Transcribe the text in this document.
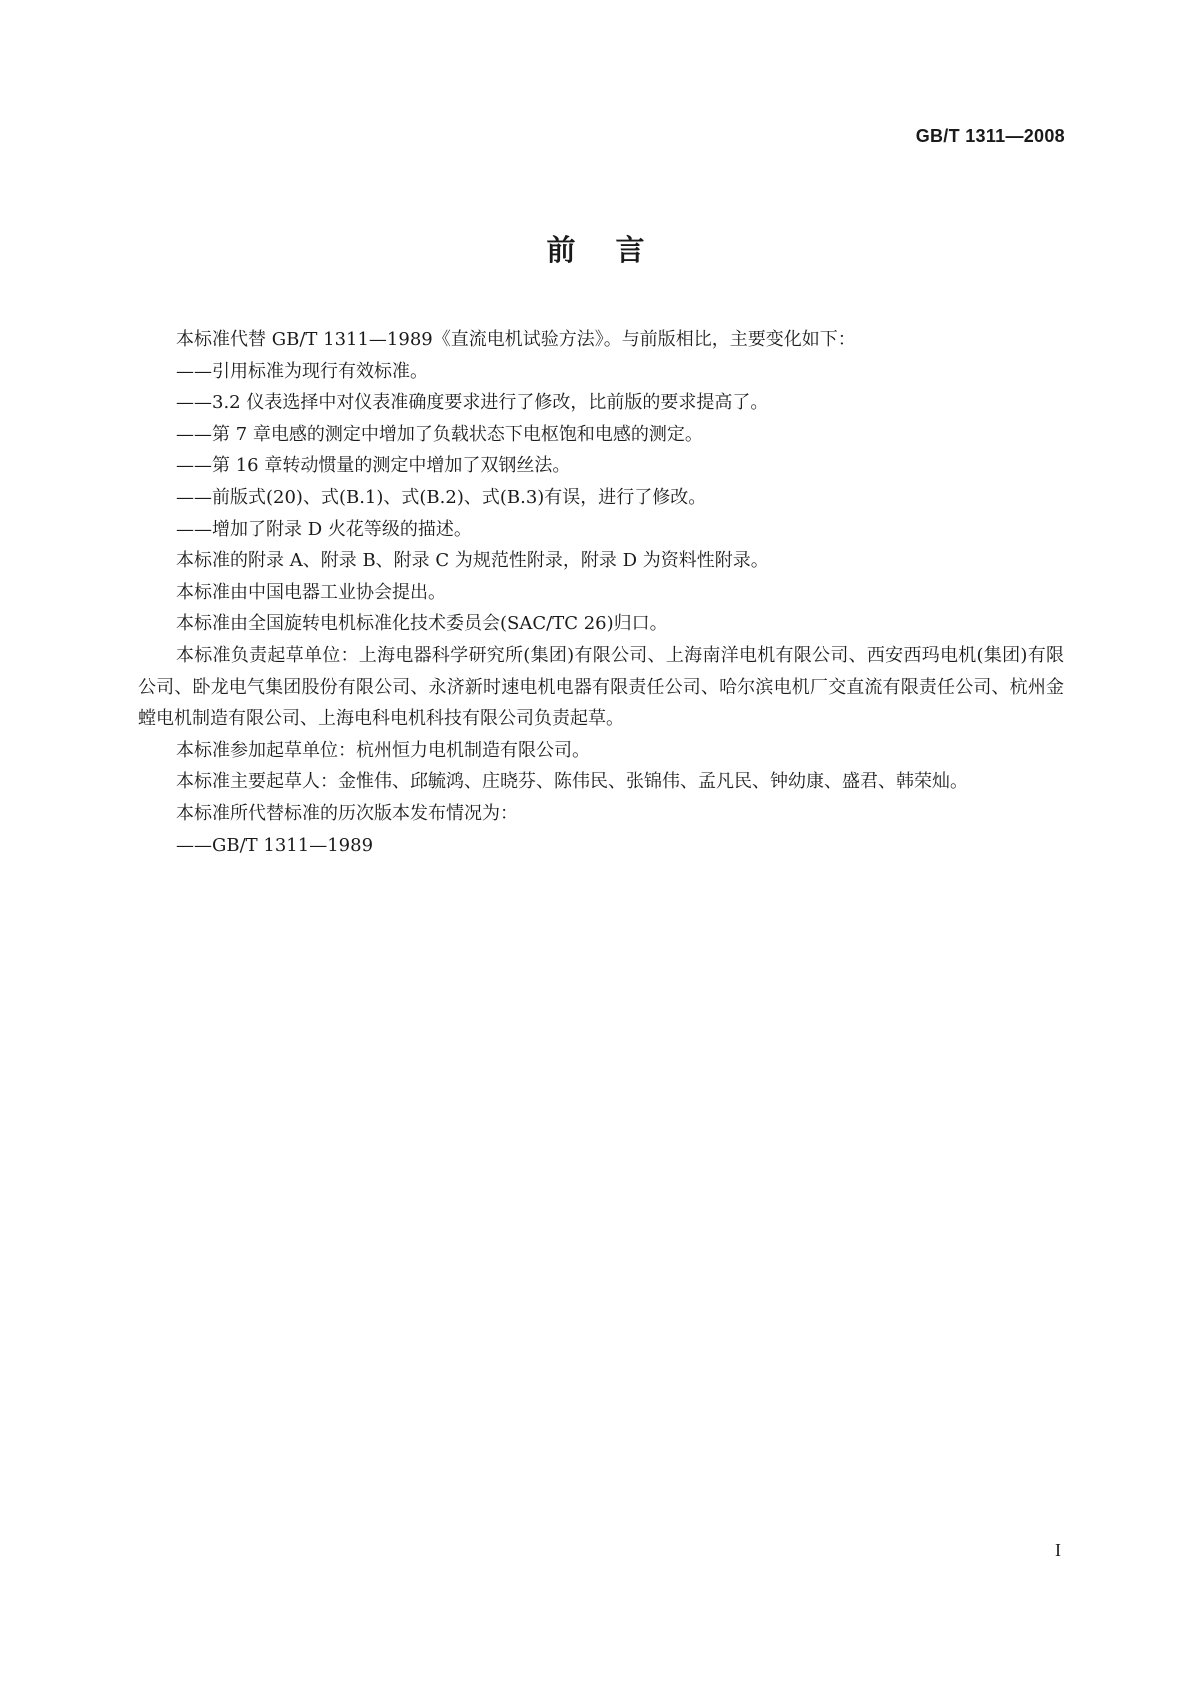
GB/T 1311—2008
前言

本标准代替 GB/T 1311—1989《直流电机试验方法》。与前版相比，主要变化如下：

——引用标准为现行有效标准。

——3.2 仪表选择中对仪表准确度要求进行了修改，比前版的要求提高了。

——第 7 章电感的测定中增加了负载状态下电枢饱和电感的测定。

——第 16 章转动惯量的测定中增加了双钢丝法。

——前版式(20)、式(B.1)、式(B.2)、式(B.3)有误，进行了修改。

——增加了附录 D 火花等级的描述。

本标准的附录 A、附录 B、附录 C 为规范性附录，附录 D 为资料性附录。

本标准由中国电器工业协会提出。

本标准由全国旋转电机标准化技术委员会(SAC/TC 26)归口。

本标准负责起草单位：上海电器科学研究所(集团)有限公司、上海南洋电机有限公司、西安西玛电机(集团)有限公司、卧龙电气集团股份有限公司、永济新时速电机电器有限责任公司、哈尔滨电机厂交直流有限责任公司、杭州金螳电机制造有限公司、上海电科电机科技有限公司负责起草。

本标准参加起草单位：杭州恒力电机制造有限公司。

本标准主要起草人：金惟伟、邱毓鸿、庄晓芬、陈伟民、张锦伟、孟凡民、钟幼康、盛君、韩荣灿。

本标准所代替标准的历次版本发布情况为：

——GB/T 1311—1989

I
